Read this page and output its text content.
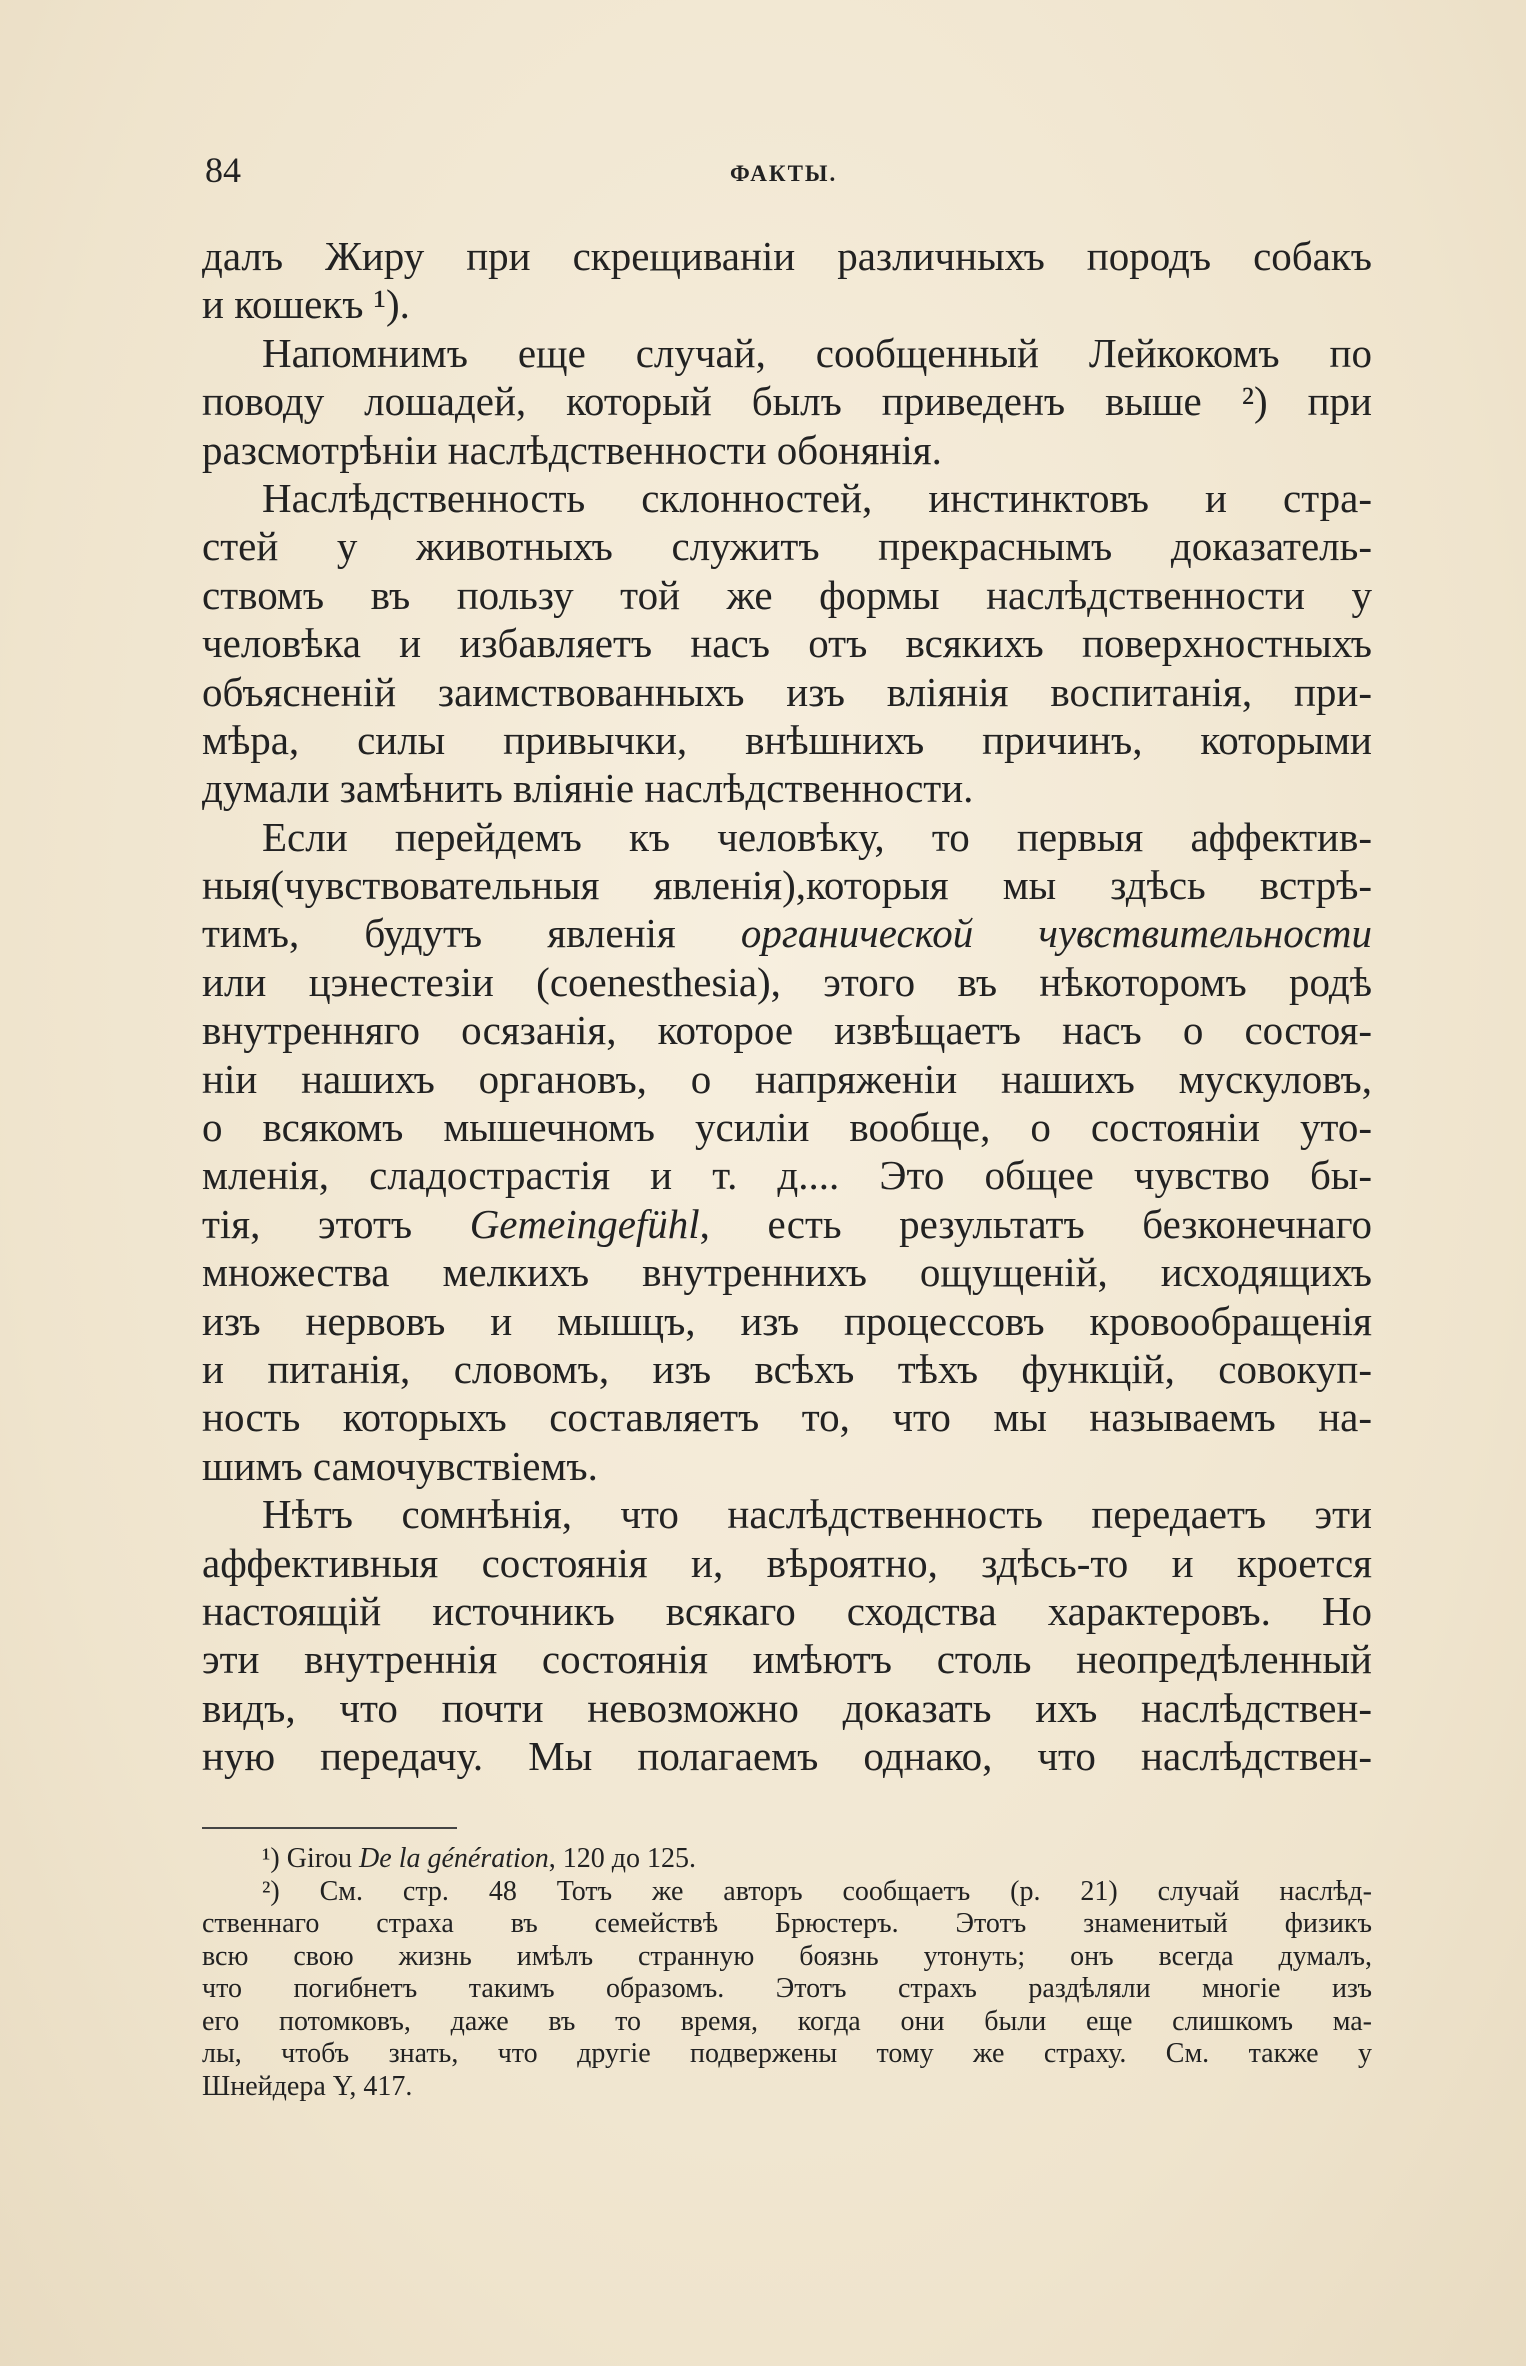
84	ФАКТЫ.

далъ Жиру при скрещиваніи различныхъ породъ собакъ
и кошекъ ¹).

Напомнимъ еще случай, сообщенный Лейкокомъ по
поводу лошадей, который былъ приведенъ выше ²) при
разсмотрѣніи наслѣдственности обонянія.

Наслѣдственность склонностей, инстинктовъ и стра-
стей у животныхъ служитъ прекраснымъ доказатель-
ствомъ въ пользу той же формы наслѣдственности у
человѣка и избавляетъ насъ отъ всякихъ поверхностныхъ
объясненій заимствованныхъ изъ вліянія воспитанія, при-
мѣра, силы привычки, внѣшнихъ причинъ, которыми
думали замѣнить вліяніе наслѣдственности.

Если перейдемъ къ человѣку, то первыя аффектив-
ныя(чувствовательныя явленія),которыя мы здѣсь встрѣ-
тимъ, будутъ явленія органической чувствительности
или цэнестезіи (coenesthesia), этого въ нѣкоторомъ родѣ
внутренняго осязанія, которое извѣщаетъ насъ о состоя-
ніи нашихъ органовъ, о напряженіи нашихъ мускуловъ,
о всякомъ мышечномъ усиліи вообще, о состояніи уто-
мленія, сладострастія и т. д.... Это общее чувство бы-
тія, этотъ Gemeingefühl, есть результатъ безконечнаго
множества мелкихъ внутреннихъ ощущеній, исходящихъ
изъ нервовъ и мышцъ, изъ процессовъ кровообращенія
и питанія, словомъ, изъ всѣхъ тѣхъ функцій, совокуп-
ность которыхъ составляетъ то, что мы называемъ на-
шимъ самочувствіемъ.

Нѣтъ сомнѣнія, что наслѣдственность передаетъ эти
аффективныя состоянія и, вѣроятно, здѣсь-то и кроется
настоящій источникъ всякаго сходства характеровъ. Но
эти внутреннія состоянія имѣютъ столь неопредѣленный
видъ, что почти невозможно доказать ихъ наслѣдствен-
ную передачу. Мы полагаемъ однако, что наслѣдствен-

¹) Girou De la génération, 120 до 125.
²) См. стр. 48 Тотъ же авторъ сообщаетъ (р. 21) случай наслѣд-
ственнаго страха въ семействѣ Брюстеръ. Этотъ знаменитый физикъ
всю свою жизнь имѣлъ странную боязнь утонуть; онъ всегда думалъ,
что погибнетъ такимъ образомъ. Этотъ страхъ раздѣляли многіе изъ
его потомковъ, даже въ то время, когда они были еще слишкомъ ма-
лы, чтобъ знать, что другіе подвержены тому же страху. См. также у
Шнейдера Y, 417.
